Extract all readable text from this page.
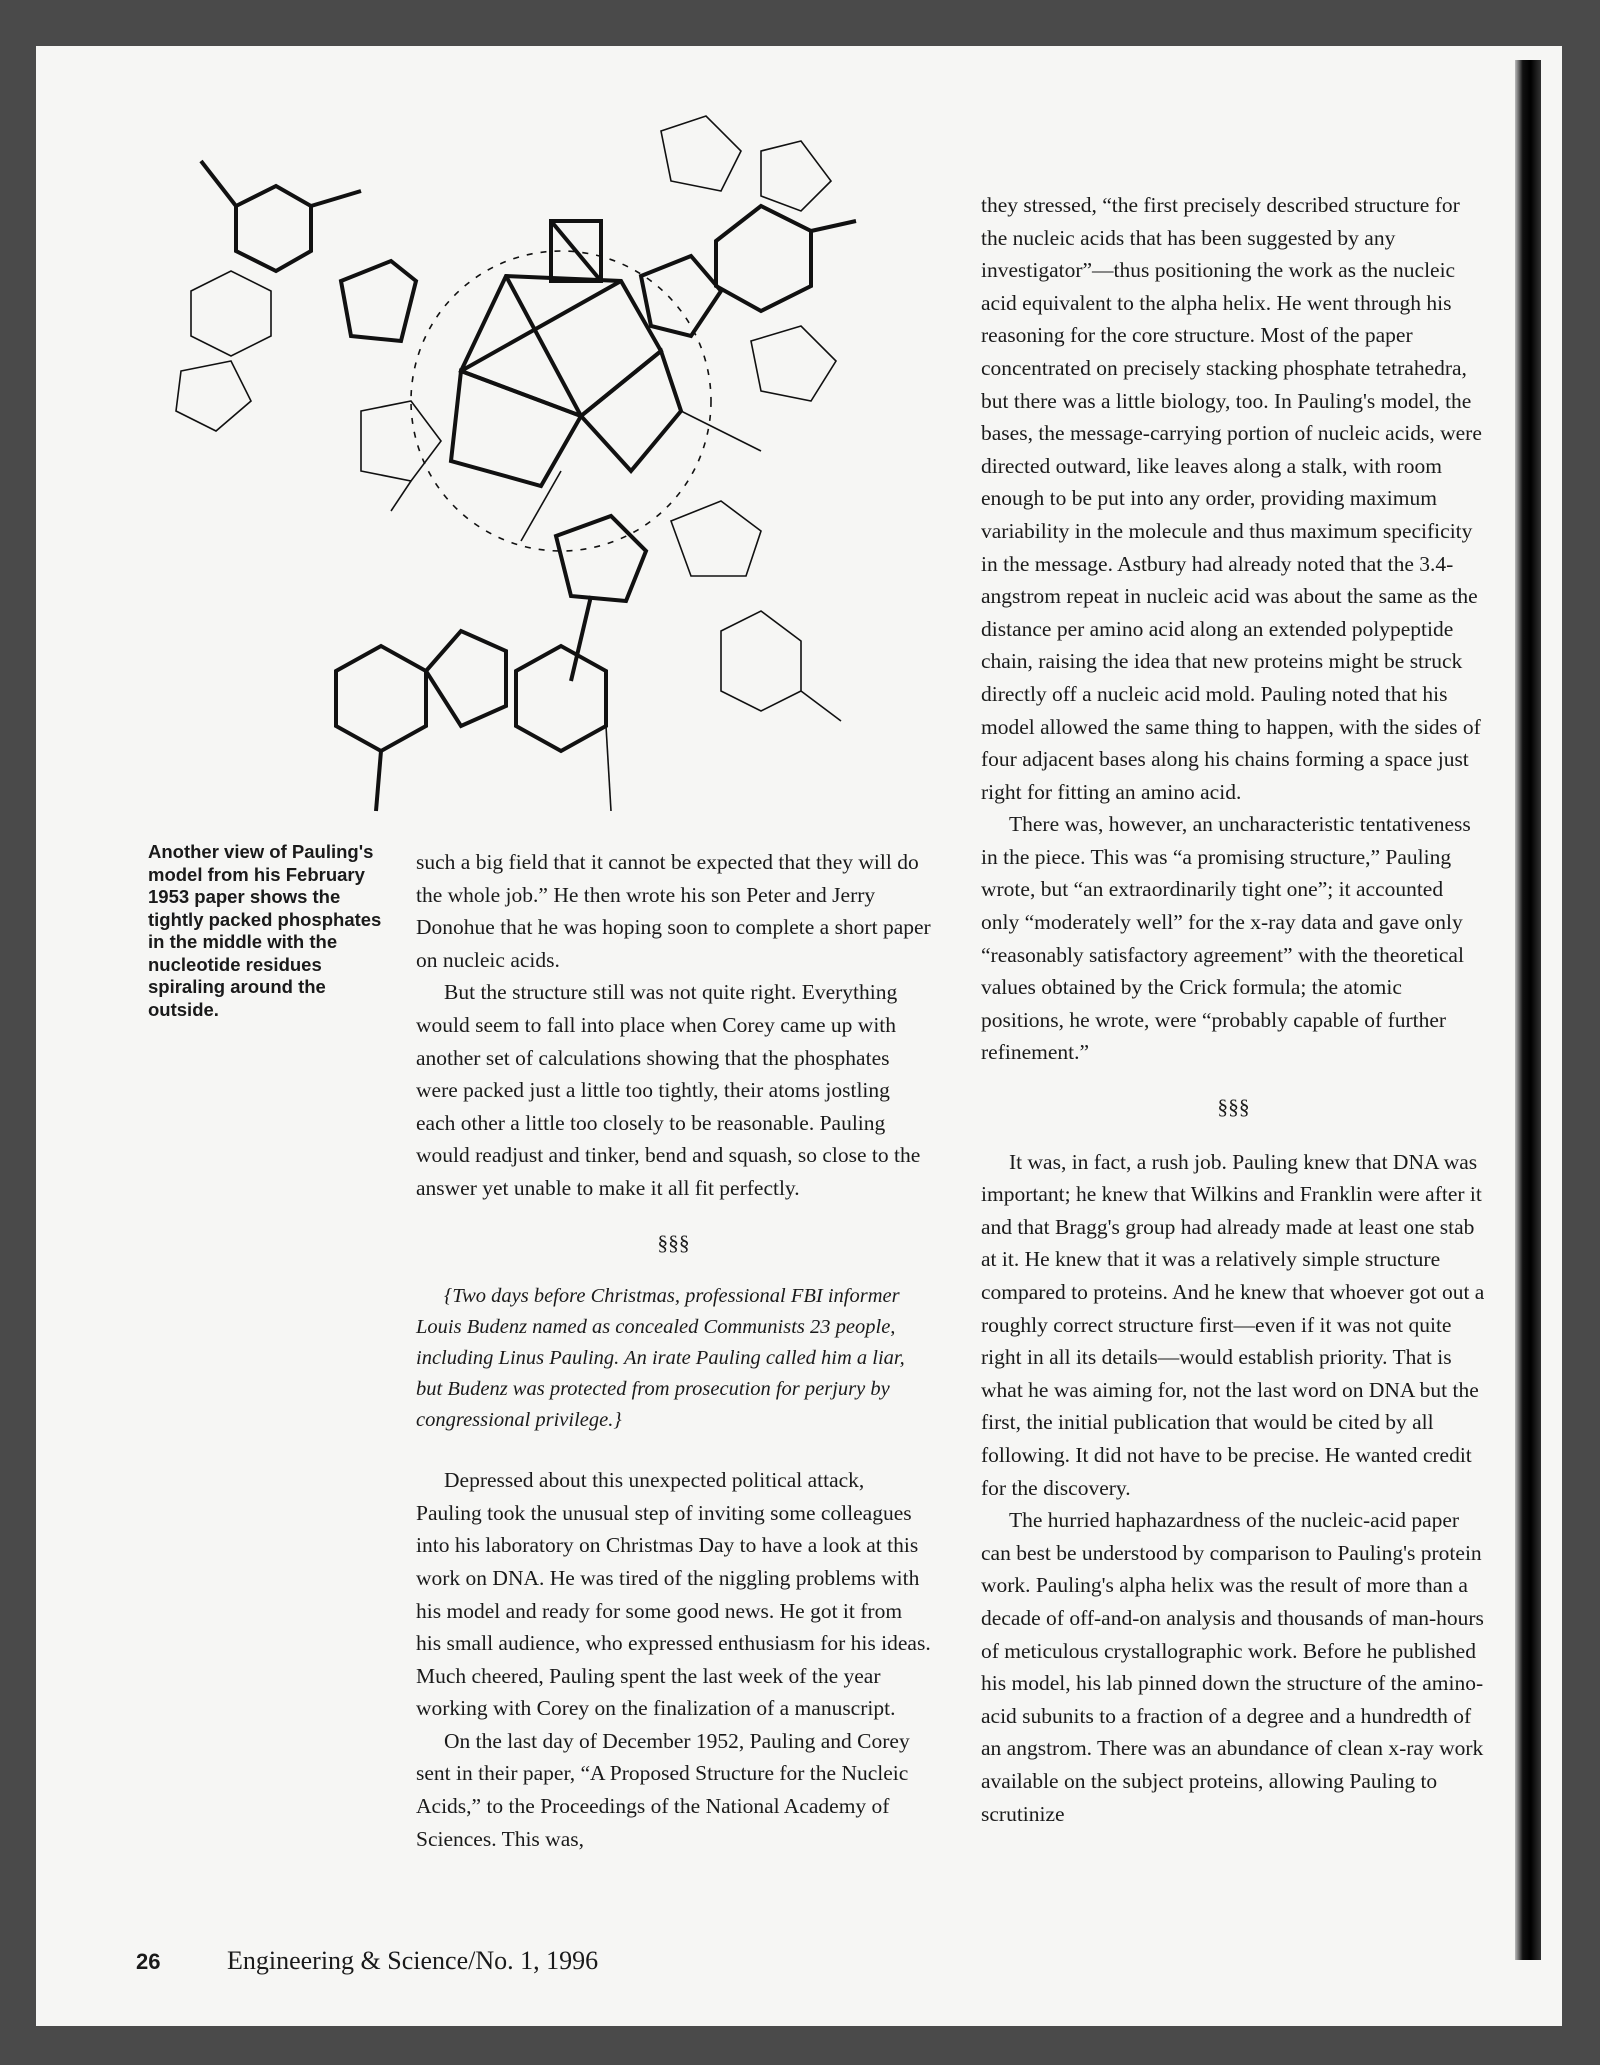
Another view of Pauling's model from his February 1953 paper shows the tightly packed phosphates in the middle with the nucleotide residues spiraling around the outside.

such a big field that it cannot be expected that they will do the whole job.” He then wrote his son Peter and Jerry Donohue that he was hoping soon to complete a short paper on nucleic acids.

But the structure still was not quite right. Everything would seem to fall into place when Corey came up with another set of calculations showing that the phosphates were packed just a little too tightly, their atoms jostling each other a little too closely to be reasonable. Pauling would readjust and tinker, bend and squash, so close to the answer yet unable to make it all fit perfectly.

§§§

{Two days before Christmas, professional FBI informer Louis Budenz named as concealed Communists 23 people, including Linus Pauling. An irate Pauling called him a liar, but Budenz was protected from prosecution for perjury by congressional privilege.}

Depressed about this unexpected political attack, Pauling took the unusual step of inviting some colleagues into his laboratory on Christmas Day to have a look at this work on DNA. He was tired of the niggling problems with his model and ready for some good news. He got it from his small audience, who expressed enthusiasm for his ideas. Much cheered, Pauling spent the last week of the year working with Corey on the finalization of a manuscript.

On the last day of December 1952, Pauling and Corey sent in their paper, “A Proposed Structure for the Nucleic Acids,” to the Proceedings of the National Academy of Sciences. This was,

they stressed, “the first precisely described structure for the nucleic acids that has been suggested by any investigator”—thus positioning the work as the nucleic acid equivalent to the alpha helix. He went through his reasoning for the core structure. Most of the paper concentrated on precisely stacking phosphate tetrahedra, but there was a little biology, too. In Pauling's model, the bases, the message-carrying portion of nucleic acids, were directed outward, like leaves along a stalk, with room enough to be put into any order, providing maximum variability in the molecule and thus maximum specificity in the message. Astbury had already noted that the 3.4-angstrom repeat in nucleic acid was about the same as the distance per amino acid along an extended polypeptide chain, raising the idea that new proteins might be struck directly off a nucleic acid mold. Pauling noted that his model allowed the same thing to happen, with the sides of four adjacent bases along his chains forming a space just right for fitting an amino acid.

There was, however, an uncharacteristic tentativeness in the piece. This was “a promising structure,” Pauling wrote, but “an extraordinarily tight one”; it accounted only “moderately well” for the x-ray data and gave only “reasonably satisfactory agreement” with the theoretical values obtained by the Crick formula; the atomic positions, he wrote, were “probably capable of further refinement.”

§§§

It was, in fact, a rush job. Pauling knew that DNA was important; he knew that Wilkins and Franklin were after it and that Bragg's group had already made at least one stab at it. He knew that it was a relatively simple structure compared to proteins. And he knew that whoever got out a roughly correct structure first—even if it was not quite right in all its details—would establish priority. That is what he was aiming for, not the last word on DNA but the first, the initial publication that would be cited by all following. It did not have to be precise. He wanted credit for the discovery.

The hurried haphazardness of the nucleic-acid paper can best be understood by comparison to Pauling's protein work. Pauling's alpha helix was the result of more than a decade of off-and-on analysis and thousands of man-hours of meticulous crystallographic work. Before he published his model, his lab pinned down the structure of the amino-acid subunits to a fraction of a degree and a hundredth of an angstrom. There was an abundance of clean x-ray work available on the subject proteins, allowing Pauling to scrutinize

26	Engineering & Science/No. 1, 1996
